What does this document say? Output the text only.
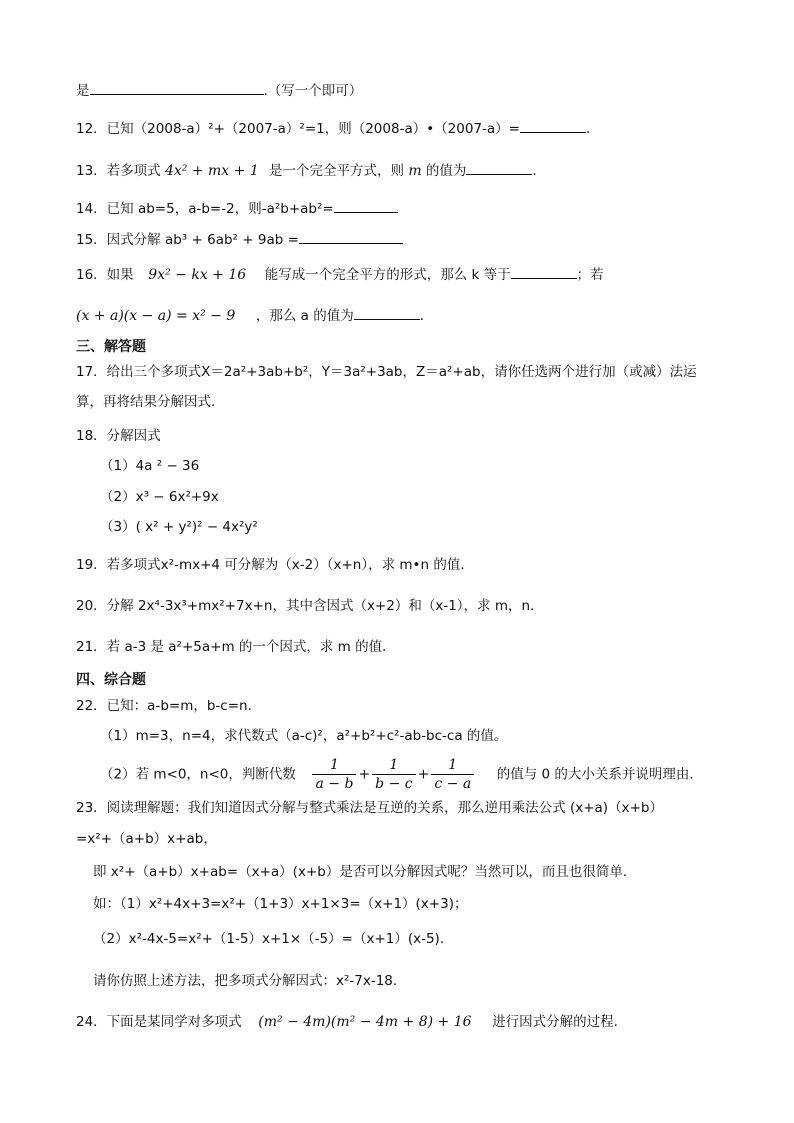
是	.（写一个即可）
12．已知（2008-a）²+（2007-a）²=1，则（2008-a）•（2007-a）=	．
13．若多项式 4x² + mx + 1 是一个完全平方式，则 m 的值为	.
14．已知 ab=5，a-b=-2，则-a²b+ab²=
15．因式分解 ab³ + 6ab² + 9ab =
16．如果 9x² − kx + 16 能写成一个完全平方的形式，那么 k 等于	；若
(x + a)(x − a) = x² − 9 ，那么 a 的值为	．
三、解答题
17．给出三个多项式X＝2a²+3ab+b²，Y＝3a²+3ab，Z＝a²+ab，请你任选两个进行加（或减）法运
算，再将结果分解因式．
18．分解因式
（1）4a ² − 36
（2）x³ − 6x²+9x
（3）( x² + y²)² − 4x²y²
19．若多项式x²-mx+4 可分解为（x-2）（x+n），求 m•n 的值．
20．分解 2x⁴-3x³+mx²+7x+n，其中含因式（x+2）和（x-1），求 m，n．
21．若 a-3 是 a²+5a+m 的一个因式，求 m 的值．
四、综合题
22．已知：a-b=m，b-c=n．
（1）m=3，n=4，求代数式（a-c)²，a²+b²+c²-ab-bc-ca 的值。
（2）若 m<0，n<0，判断代数 $\frac{1}{a - b} + \frac{1}{b - c} + \frac{1}{c - a}$ 的值与 0 的大小关系并说明理由．
23．阅读理解题：我们知道因式分解与整式乘法是互逆的关系，那么逆用乘法公式 (x+a)（x+b）
=x²+（a+b）x+ab，
即 x²+（a+b）x+ab=（x+a）(x+b）是否可以分解因式呢？当然可以，而且也很简单．
如：（1）x²+4x+3=x²+（1+3）x+1×3=（x+1）(x+3)；
（2）x²-4x-5=x²+（1-5）x+1×（-5）=（x+1）(x-5).
请你仿照上述方法，把多项式分解因式：x²-7x-18．
24．下面是某同学对多项式 (m² − 4m)(m² − 4m + 8) + 16 进行因式分解的过程.
